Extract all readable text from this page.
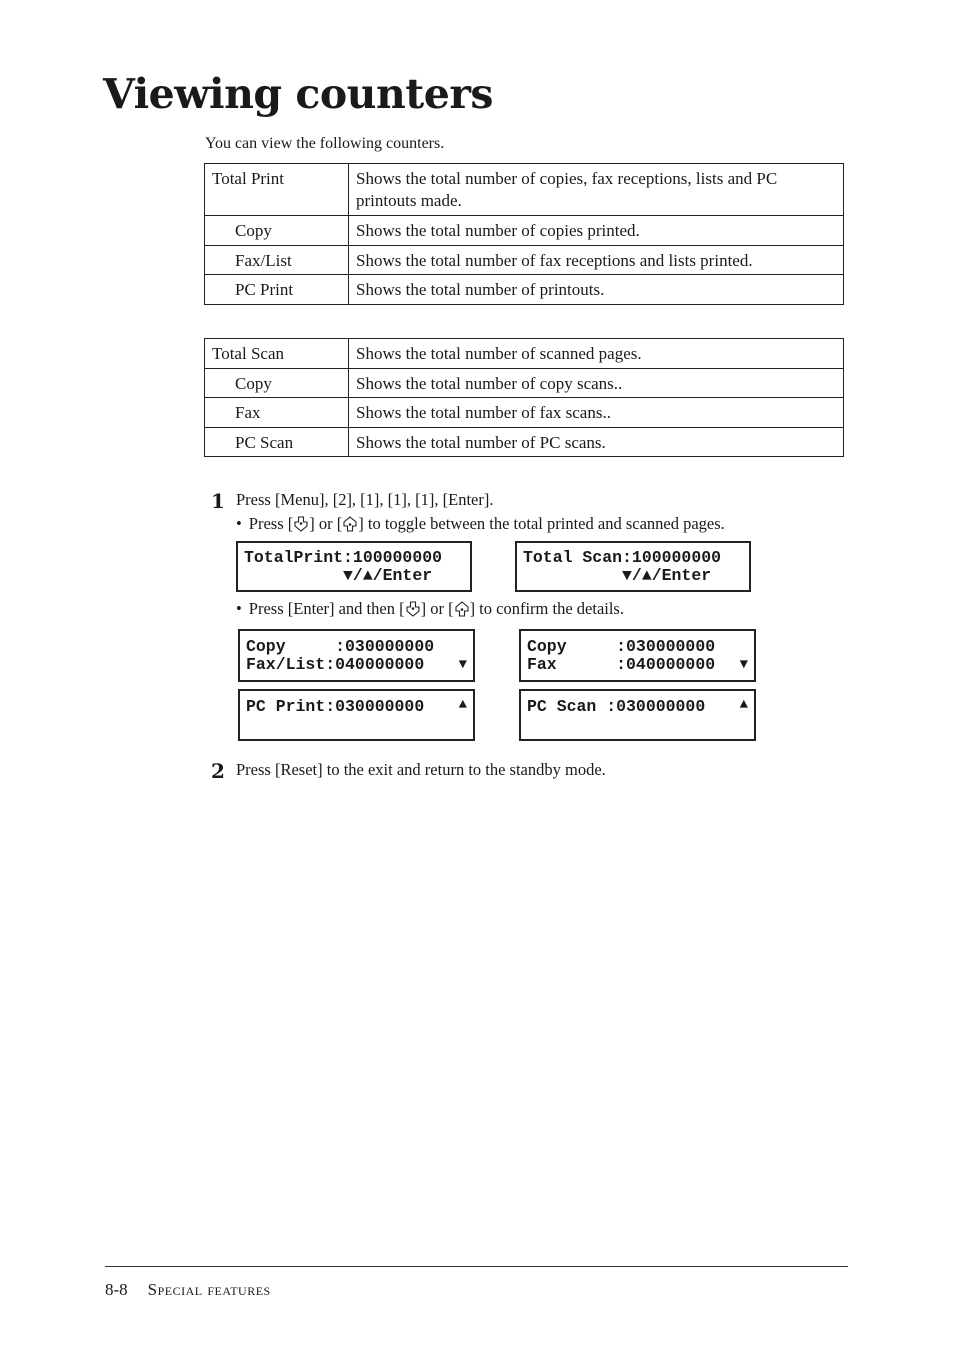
Viewing counters
You can view the following counters.
Total Print	Shows the total number of copies, fax receptions, lists and PC printouts made.
Copy	Shows the total number of copies printed.
Fax/List	Shows the total number of fax receptions and lists printed.
PC Print	Shows the total number of printouts.
Total Scan	Shows the total number of scanned pages.
Copy	Shows the total number of copy scans..
Fax	Shows the total number of fax scans..
PC Scan	Shows the total number of PC scans.
1 Press [Menu], [2], [1], [1], [1], [Enter].
• Press [ ] or [ ] to toggle between the total printed and scanned pages.
TotalPrint:100000000
▼/▲/Enter
Total Scan:100000000
▼/▲/Enter
• Press [Enter] and then [ ] or [ ] to confirm the details.
Copy     :030000000
Fax/List:040000000 ▼
Copy     :030000000
Fax      :040000000 ▼
PC Print:030000000 ▲	PC Scan :030000000 ▲
2 Press [Reset] to the exit and return to the standby mode.
8-8 Special features
